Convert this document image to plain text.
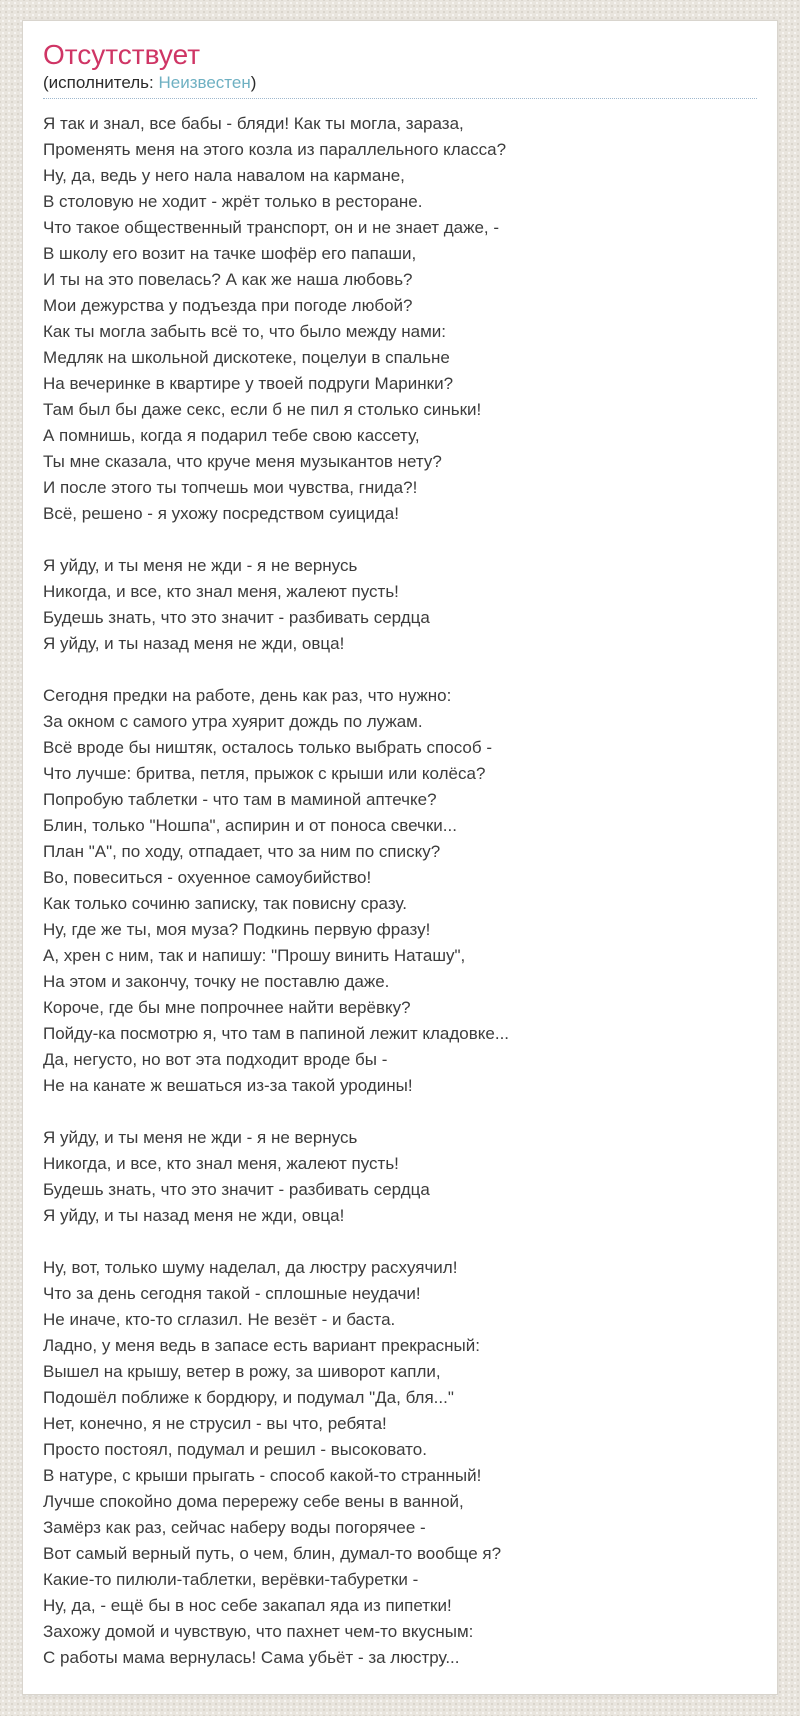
Отсутствует
(исполнитель: Неизвестен)
Я так и знал, все бабы - бляди! Как ты могла, зараза,
Променять меня на этого козла из параллельного класса?
Ну, да, ведь у него нала навалом на кармане,
В столовую не ходит - жрёт только в ресторане.
Что такое общественный транспорт, он и не знает даже, -
В школу его возит на тачке шофёр его папаши,
И ты на это повелась? А как же наша любовь?
Мои дежурства у подъезда при погоде любой?
Как ты могла забыть всё то, что было между нами:
Медляк на школьной дискотеке, поцелуи в спальне
На вечеринке в квартире у твоей подруги Маринки?
Там был бы даже секс, если б не пил я столько синьки!
А помнишь, когда я подарил тебе свою кассету,
Ты мне сказала, что круче меня музыкантов нету?
И после этого ты топчешь мои чувства, гнида?!
Всё, решено - я ухожу посредством суицида!
Я уйду, и ты меня не жди - я не вернусь
Никогда, и все, кто знал меня, жалеют пусть!
Будешь знать, что это значит - разбивать сердца
Я уйду, и ты назад меня не жди, овца!
Сегодня предки на работе, день как раз, что нужно:
За окном с самого утра хуярит дождь по лужам.
Всё вроде бы ништяк, осталось только выбрать способ -
Что лучше: бритва, петля, прыжок с крыши или колёса?
Попробую таблетки - что там в маминой аптечке?
Блин, только "Ношпа", аспирин и от поноса свечки...
План "А", по ходу, отпадает, что за ним по списку?
Во, повеситься - охуенное самоубийство!
Как только сочиню записку, так повисну сразу.
Ну, где же ты, моя муза? Подкинь первую фразу!
А, хрен с ним, так и напишу: "Прошу винить Наташу",
На этом и закончу, точку не поставлю даже.
Короче, где бы мне попрочнее найти верёвку?
Пойду-ка посмотрю я, что там в папиной лежит кладовке...
Да, негусто, но вот эта подходит вроде бы -
Не на канате ж вешаться из-за такой уродины!
Я уйду, и ты меня не жди - я не вернусь
Никогда, и все, кто знал меня, жалеют пусть!
Будешь знать, что это значит - разбивать сердца
Я уйду, и ты назад меня не жди, овца!
Ну, вот, только шуму наделал, да люстру расхуячил!
Что за день сегодня такой - сплошные неудачи!
Не иначе, кто-то сглазил. Не везёт - и баста.
Ладно, у меня ведь в запасе есть вариант прекрасный:
Вышел на крышу, ветер в рожу, за шиворот капли,
Подошёл поближе к бордюру, и подумал "Да, бля..."
Нет, конечно, я не струсил - вы что, ребята!
Просто постоял, подумал и решил - высоковато.
В натуре, с крыши прыгать - способ какой-то странный!
Лучше спокойно дома перережу себе вены в ванной,
Замёрз как раз, сейчас наберу воды погорячее -
Вот самый верный путь, о чем, блин, думал-то вообще я?
Какие-то пилюли-таблетки, верёвки-табуретки -
Ну, да, - ещё бы в нос себе закапал яда из пипетки!
Захожу домой и чувствую, что пахнет чем-то вкусным:
С работы мама вернулась! Сама убьёт - за люстру...
